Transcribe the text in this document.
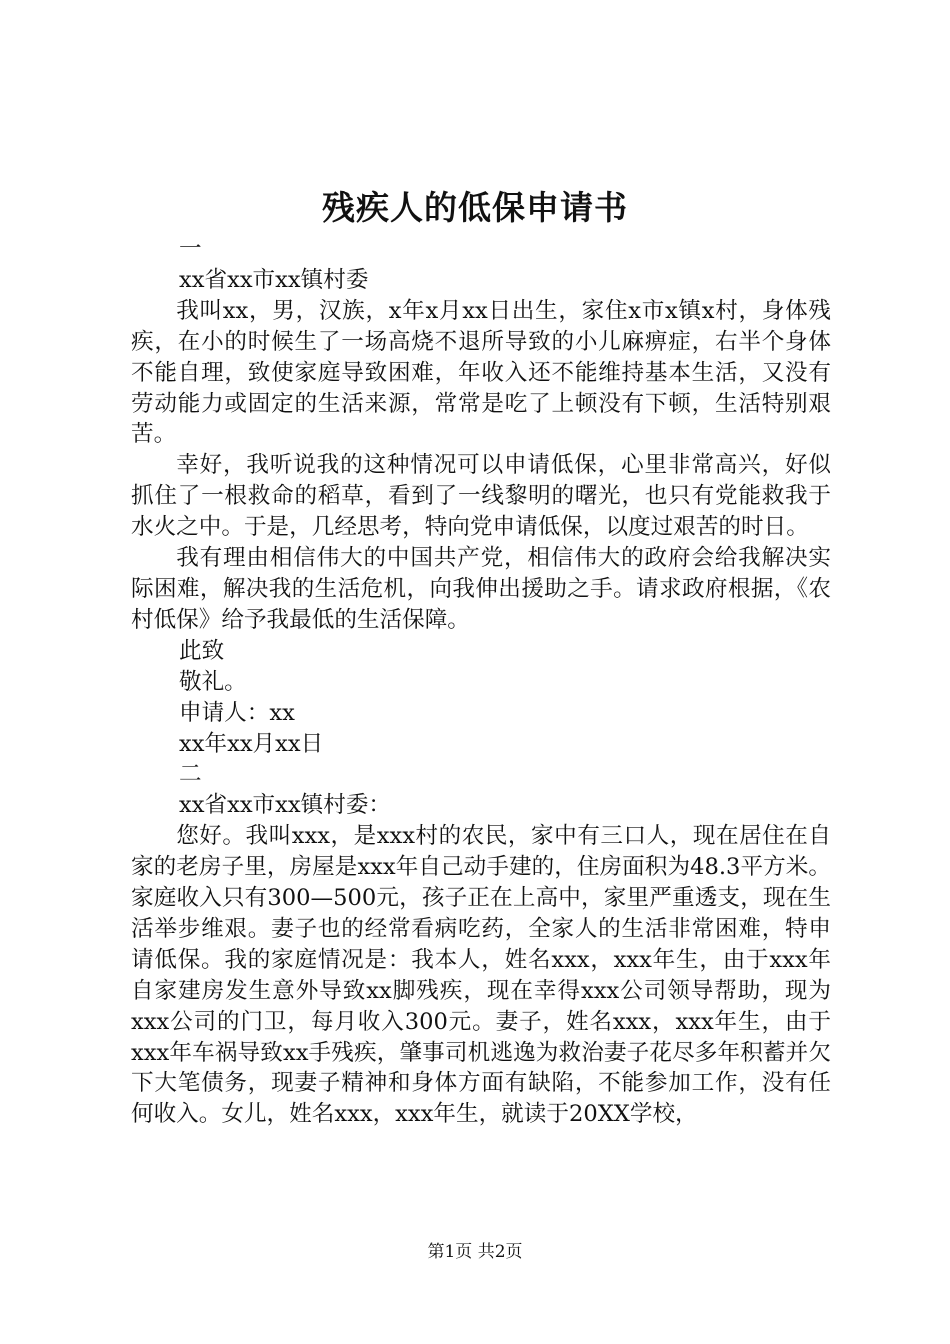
残疾人的低保申请书

一

xx省xx市xx镇村委

我叫xx，男，汉族，x年x月xx日出生，家住x市x镇x村，身体残疾，在小的时候生了一场高烧不退所导致的小儿麻痹症，右半个身体不能自理，致使家庭导致困难，年收入还不能维持基本生活，又没有劳动能力或固定的生活来源，常常是吃了上顿没有下顿，生活特别艰苦。

幸好，我听说我的这种情况可以申请低保，心里非常高兴，好似抓住了一根救命的稻草，看到了一线黎明的曙光，也只有党能救我于水火之中。于是，几经思考，特向党申请低保，以度过艰苦的时日。

我有理由相信伟大的中国共产党，相信伟大的政府会给我解决实际困难，解决我的生活危机，向我伸出援助之手。请求政府根据，《农村低保》给予我最低的生活保障。

此致

敬礼。

申请人：xx

xx年xx月xx日

二

xx省xx市xx镇村委：

您好。我叫xxx，是xxx村的农民，家中有三口人，现在居住在自家的老房子里，房屋是xxx年自己动手建的，住房面积为48.3平方米。家庭收入只有300—500元，孩子正在上高中，家里严重透支，现在生活举步维艰。妻子也的经常看病吃药，全家人的生活非常困难，特申请低保。我的家庭情况是：我本人，姓名xxx，xxx年生，由于xxx年自家建房发生意外导致xx脚残疾，现在幸得xxx公司领导帮助，现为xxx公司的门卫，每月收入300元。妻子，姓名xxx，xxx年生，由于xxx年车祸导致xx手残疾，肇事司机逃逸为救治妻子花尽多年积蓄并欠下大笔债务，现妻子精神和身体方面有缺陷，不能参加工作，没有任何收入。女儿，姓名xxx，xxx年生，就读于20XX学校，

第1页 共2页
